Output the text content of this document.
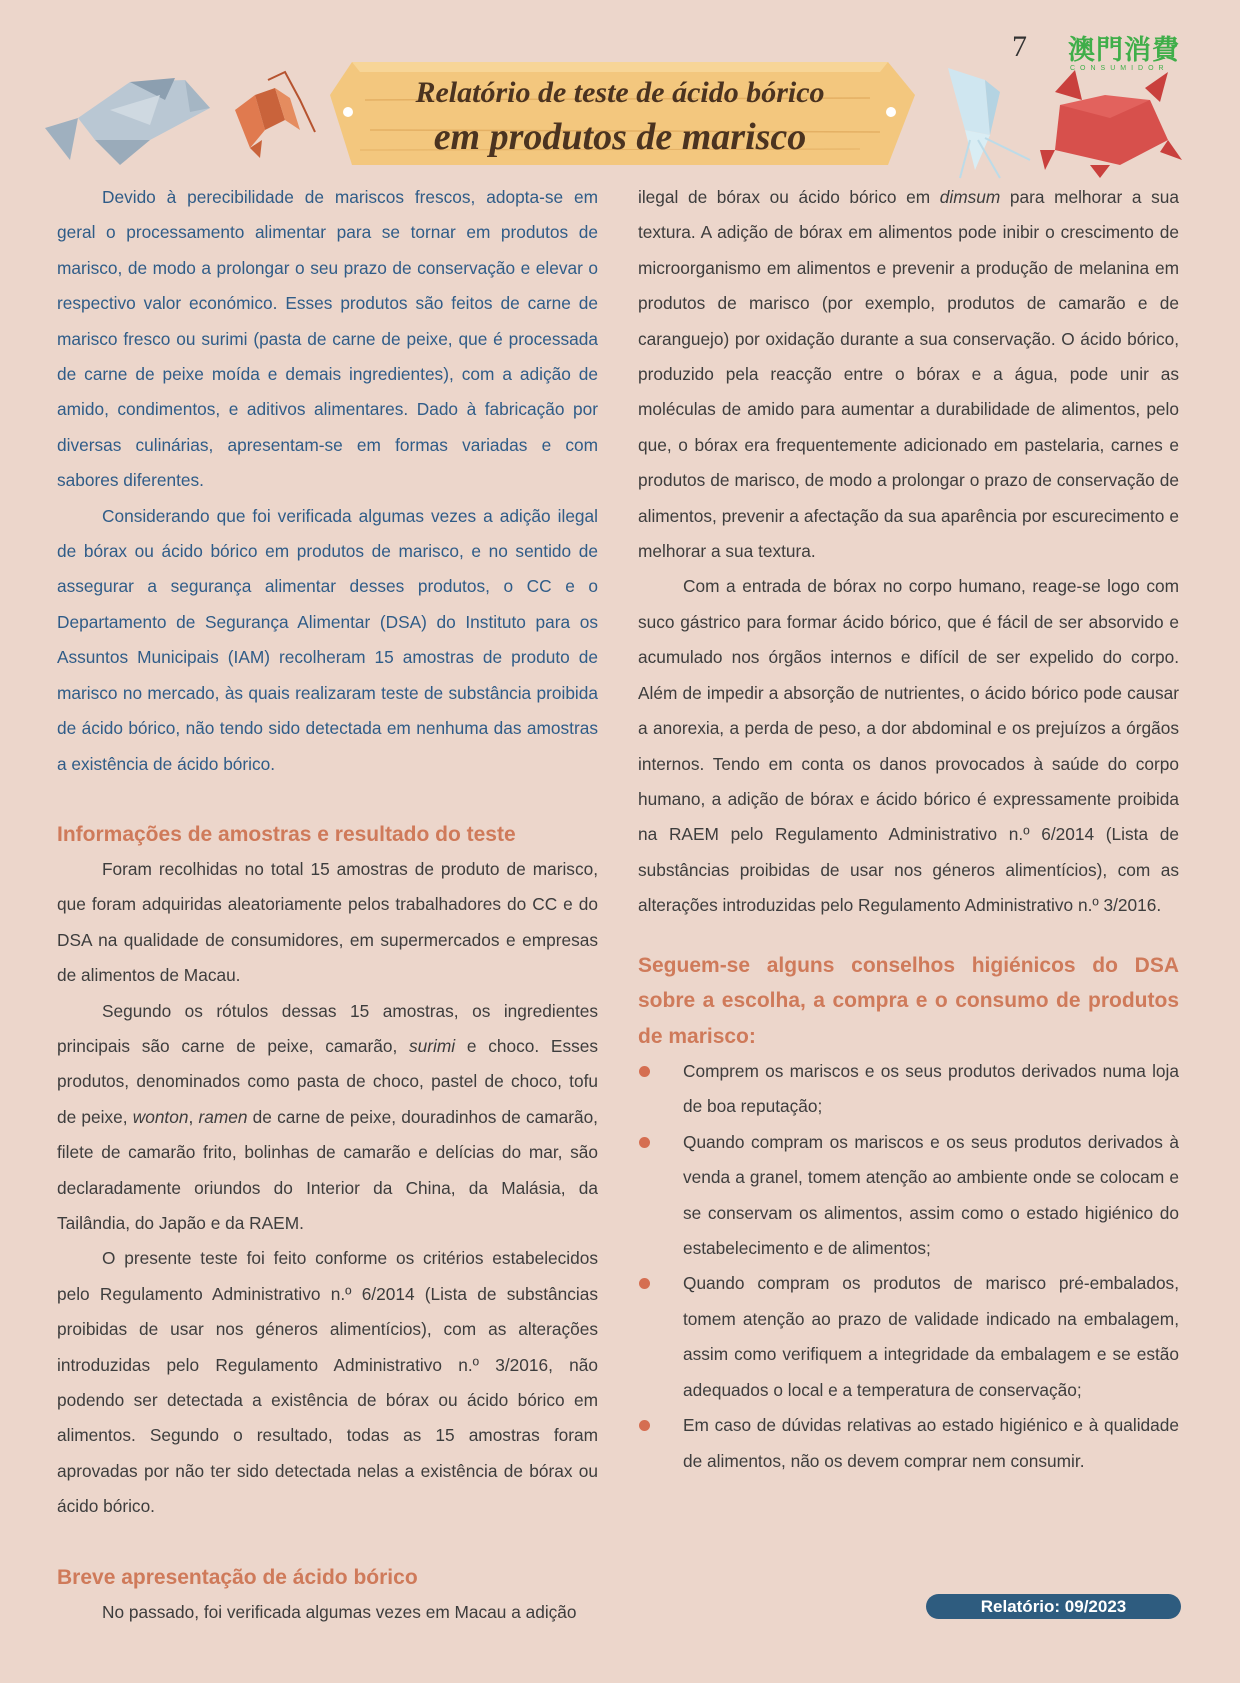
7 澳門消費
CONSUMIDOR
Relatório de teste de ácido bórico
em produtos de marisco

Devido à perecibilidade de mariscos frescos, adopta-se em geral o processamento alimentar para se tornar em produtos de marisco, de modo a prolongar o seu prazo de conservação e elevar o respectivo valor económico. Esses produtos são feitos de carne de marisco fresco ou surimi (pasta de carne de peixe, que é processada de carne de peixe moída e demais ingredientes), com a adição de amido, condimentos, e aditivos alimentares. Dado à fabricação por diversas culinárias, apresentam-se em formas variadas e com sabores diferentes.

Considerando que foi verificada algumas vezes a adição ilegal de bórax ou ácido bórico em produtos de marisco, e no sentido de assegurar a segurança alimentar desses produtos, o CC e o Departamento de Segurança Alimentar (DSA) do Instituto para os Assuntos Municipais (IAM) recolheram 15 amostras de produto de marisco no mercado, às quais realizaram teste de substância proibida de ácido bórico, não tendo sido detectada em nenhuma das amostras a existência de ácido bórico.

Informações de amostras e resultado do teste

Foram recolhidas no total 15 amostras de produto de marisco, que foram adquiridas aleatoriamente pelos trabalhadores do CC e do DSA na qualidade de consumidores, em supermercados e empresas de alimentos de Macau.

Segundo os rótulos dessas 15 amostras, os ingredientes principais são carne de peixe, camarão, surimi e choco. Esses produtos, denominados como pasta de choco, pastel de choco, tofu de peixe, wonton, ramen de carne de peixe, douradinhos de camarão, filete de camarão frito, bolinhas de camarão e delícias do mar, são declaradamente oriundos do Interior da China, da Malásia, da Tailândia, do Japão e da RAEM.

O presente teste foi feito conforme os critérios estabelecidos pelo Regulamento Administrativo n.º 6/2014 (Lista de substâncias proibidas de usar nos géneros alimentícios), com as alterações introduzidas pelo Regulamento Administrativo n.º 3/2016, não podendo ser detectada a existência de bórax ou ácido bórico em alimentos. Segundo o resultado, todas as 15 amostras foram aprovadas por não ter sido detectada nelas a existência de bórax ou ácido bórico.

Breve apresentação de ácido bórico

No passado, foi verificada algumas vezes em Macau a adição

ilegal de bórax ou ácido bórico em dimsum para melhorar a sua textura. A adição de bórax em alimentos pode inibir o crescimento de microorganismo em alimentos e prevenir a produção de melanina em produtos de marisco (por exemplo, produtos de camarão e de caranguejo) por oxidação durante a sua conservação. O ácido bórico, produzido pela reacção entre o bórax e a água, pode unir as moléculas de amido para aumentar a durabilidade de alimentos, pelo que, o bórax era frequentemente adicionado em pastelaria, carnes e produtos de marisco, de modo a prolongar o prazo de conservação de alimentos, prevenir a afectação da sua aparência por escurecimento e melhorar a sua textura.

Com a entrada de bórax no corpo humano, reage-se logo com suco gástrico para formar ácido bórico, que é fácil de ser absorvido e acumulado nos órgãos internos e difícil de ser expelido do corpo. Além de impedir a absorção de nutrientes, o ácido bórico pode causar a anorexia, a perda de peso, a dor abdominal e os prejuízos a órgãos internos. Tendo em conta os danos provocados à saúde do corpo humano, a adição de bórax e ácido bórico é expressamente proibida na RAEM pelo Regulamento Administrativo n.º 6/2014 (Lista de substâncias proibidas de usar nos géneros alimentícios), com as alterações introduzidas pelo Regulamento Administrativo n.º 3/2016.

Seguem-se alguns conselhos higiénicos do DSA sobre a escolha, a compra e o consumo de produtos de marisco:
Comprem os mariscos e os seus produtos derivados numa loja de boa reputação;
Quando compram os mariscos e os seus produtos derivados à venda a granel, tomem atenção ao ambiente onde se colocam e se conservam os alimentos, assim como o estado higiénico do estabelecimento e de alimentos;
Quando compram os produtos de marisco pré-embalados, tomem atenção ao prazo de validade indicado na embalagem, assim como verifiquem a integridade da embalagem e se estão adequados o local e a temperatura de conservação;
Em caso de dúvidas relativas ao estado higiénico e à qualidade de alimentos, não os devem comprar nem consumir.
Relatório: 09/2023
